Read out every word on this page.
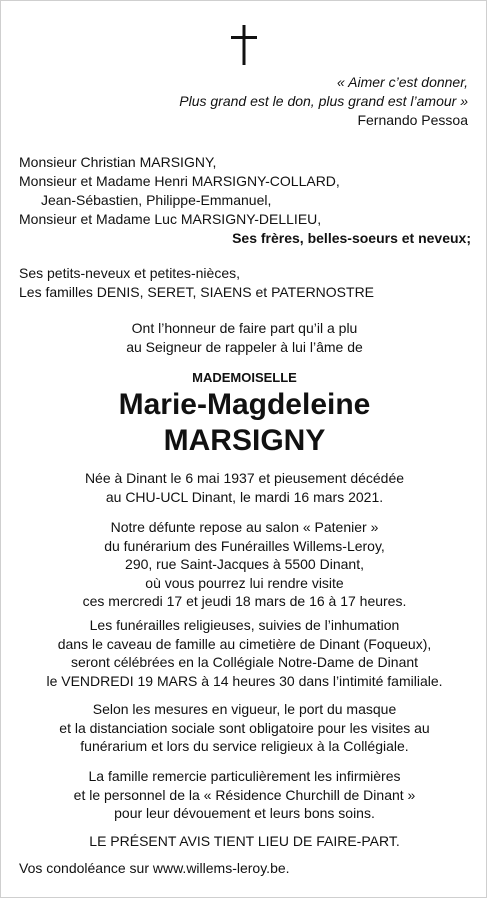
« Aimer c’est donner,
Plus grand est le don, plus grand est l’amour »
Fernando Pessoa
Monsieur Christian MARSIGNY,
Monsieur et Madame Henri MARSIGNY-COLLARD,
Jean-Sébastien, Philippe-Emmanuel,
Monsieur et Madame Luc MARSIGNY-DELLIEU,
Ses frères, belles-soeurs et neveux;
Ses petits-neveux et petites-nièces,
Les familles DENIS, SERET, SIAENS et PATERNOSTRE
Ont l’honneur de faire part qu’il a plu
au Seigneur de rappeler à lui l’âme de
MADEMOISELLE
Marie-Magdeleine
MARSIGNY
Née à Dinant le 6 mai 1937 et pieusement décédée
au CHU-UCL Dinant, le mardi 16 mars 2021.
Notre défunte repose au salon « Patenier »
du funérarium des Funérailles Willems-Leroy,
290, rue Saint-Jacques à 5500 Dinant,
où vous pourrez lui rendre visite
ces mercredi 17 et jeudi 18 mars de 16 à 17 heures.
Les funérailles religieuses, suivies de l’inhumation
dans le caveau de famille au cimetière de Dinant (Foqueux),
seront célébrées en la Collégiale Notre-Dame de Dinant
le VENDREDI 19 MARS à 14 heures 30 dans l’intimité familiale.
Selon les mesures en vigueur, le port du masque
et la distanciation sociale sont obligatoire pour les visites au
funérarium et lors du service religieux à la Collégiale.
La famille remercie particulièrement les infirmières
et le personnel de la « Résidence Churchill de Dinant »
pour leur dévouement et leurs bons soins.
LE PRÉSENT AVIS TIENT LIEU DE FAIRE-PART.
Vos condoléance sur www.willems-leroy.be.
